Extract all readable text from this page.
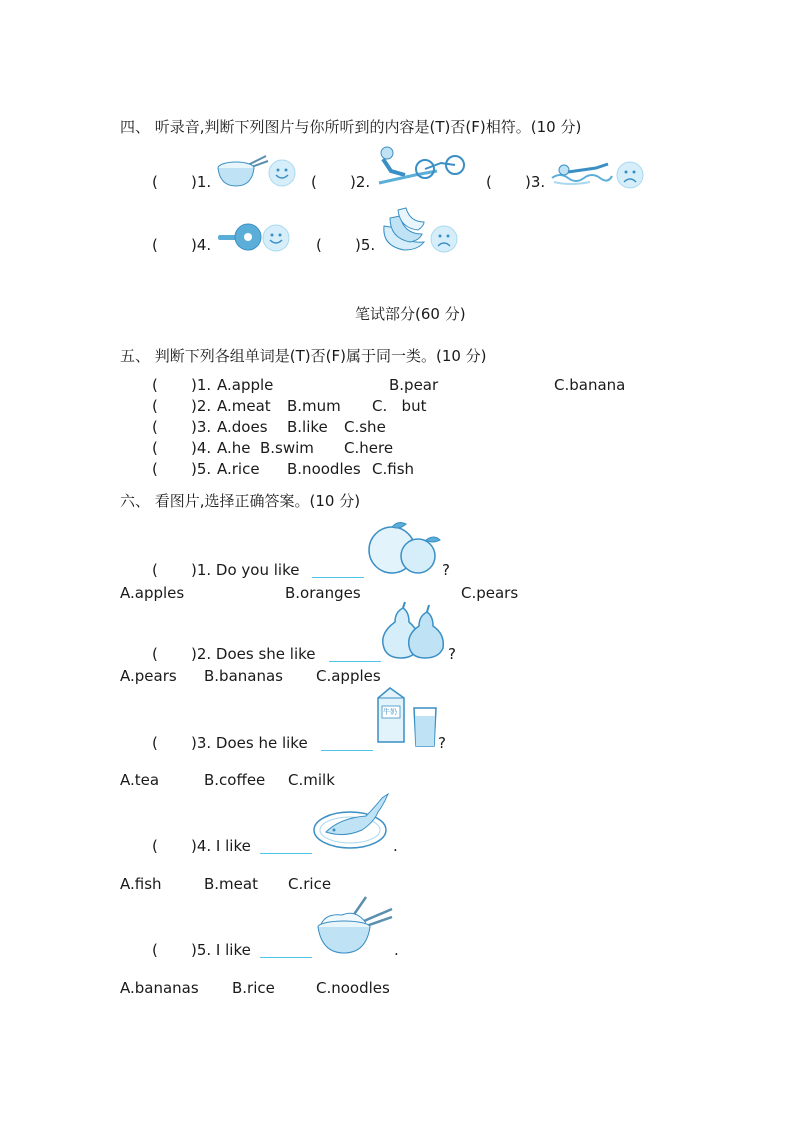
四、 听录音,判断下列图片与你所听到的内容是(T)否(F)相符。(10 分)
( )1.	( )2.	( )3.
( )4.	( )5.
笔试部分(60 分)
五、 判断下列各组单词是(T)否(F)属于同一类。(10 分)
( )1. A.apple	B.pear	C.banana
( )2. A.meat B.mum C.   but
( )3. A.does B.like C.she
( )4. A.he B.swim C.here
( )5. A.rice B.noodles C.fish
六、 看图片,选择正确答案。(10 分)
( )1. Do you like	?
A.apples	B.oranges	C.pears
( )2. Does she like	?
A.pears B.bananas C.apples
( )3. Does he like
牛奶
?
A.tea	B.coffee C.milk
( )4. I like	.
A.fish	B.meat C.rice
( )5. I like	.
A.bananas B.rice	C.noodles
